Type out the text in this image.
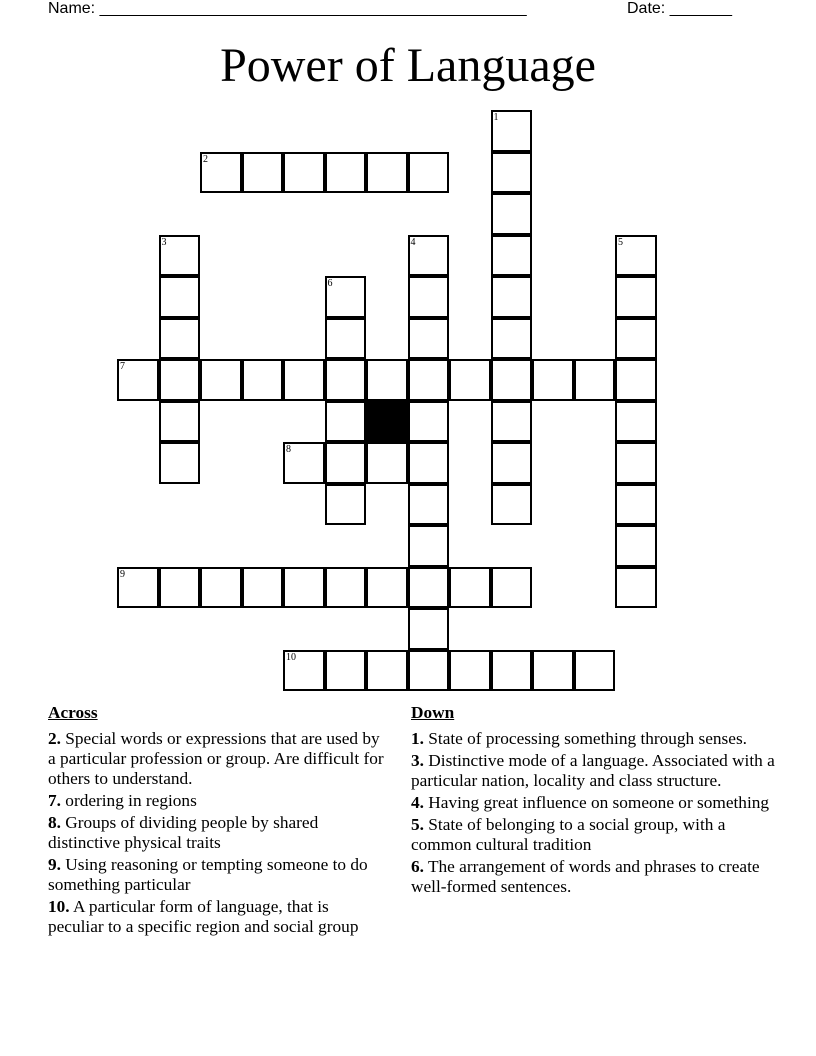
Name: ________________________________________________	Date: _______
Power of Language
1
2
3	4	5
6
7
8
9
10
Across
2. Special words or expressions that are used by a particular profession or group. Are difficult for others to understand.
7. ordering in regions
8. Groups of dividing people by shared distinctive physical traits
9. Using reasoning or tempting someone to do something particular
10. A particular form of language, that is peculiar to a specific region and social group
Down
1. State of processing something through senses.
3. Distinctive mode of a language. Associated with a particular nation, locality and class structure.
4. Having great influence on someone or something
5. State of belonging to a social group, with a common cultural tradition
6. The arrangement of words and phrases to create well-formed sentences.
